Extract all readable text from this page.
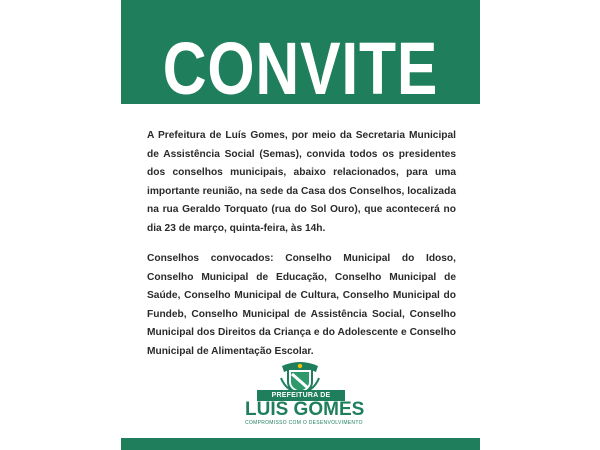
CONVITE

A Prefeitura de Luís Gomes, por meio da Secretaria Municipal de Assistência Social (Semas), convida todos os presidentes dos conselhos municipais, abaixo relacionados, para uma importante reunião, na sede da Casa dos Conselhos, localizada na rua Geraldo Torquato (rua do Sol Ouro), que acontecerá no dia 23 de março, quinta-feira, às 14h.

Conselhos convocados: Conselho Municipal do Idoso, Conselho Municipal de Educação, Conselho Municipal de Saúde, Conselho Municipal de Cultura, Conselho Municipal do Fundeb, Conselho Municipal de Assistência Social, Conselho Municipal dos Direitos da Criança e do Adolescente e Conselho Municipal de Alimentação Escolar.

PREFEITURA DE
LUÍS GOMES
COMPROMISSO COM O DESENVOLVIMENTO
